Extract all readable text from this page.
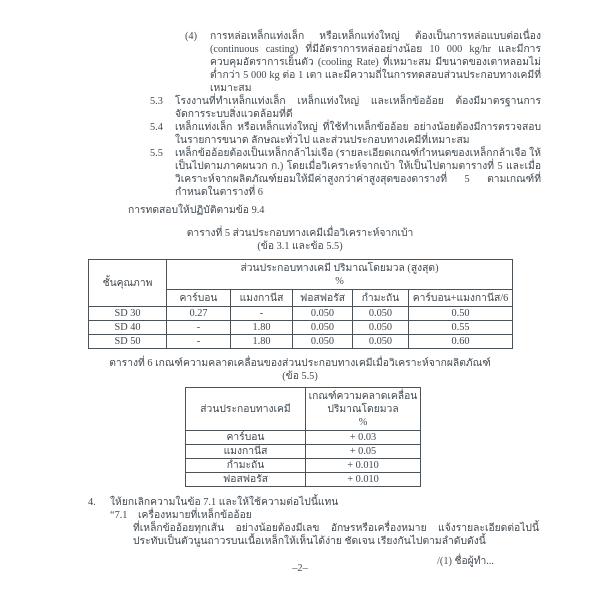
(4)	การหล่อเหล็กแท่งเล็ก หรือเหล็กแท่งใหญ่ ต้องเป็นการหล่อแบบต่อเนื่อง (continuous casting) ที่มีอัตราการหล่ออย่างน้อย 10 000 kg/hr และมีการควบคุมอัตราการเย็นตัว (cooling Rate) ที่เหมาะสม มีขนาดของเตาหลอมไม่ต่ำกว่า 5 000 kg ต่อ 1 เตา และมีความถี่ในการทดสอบส่วนประกอบทางเคมีที่เหมาะสม
5.3	โรงงานที่ทำเหล็กแท่งเล็ก เหล็กแท่งใหญ่ และเหล็กข้ออ้อย ต้องมีมาตรฐานการจัดการระบบสิ่งแวดล้อมที่ดี
5.4	เหล็กแท่งเล็ก หรือเหล็กแท่งใหญ่ ที่ใช้ทำเหล็กข้ออ้อย อย่างน้อยต้องมีการตรวจสอบในรายการขนาด ลักษณะทั่วไป และส่วนประกอบทางเคมีที่เหมาะสม
5.5	เหล็กข้ออ้อยต้องเป็นเหล็กกล้าไม่เจือ (รายละเอียดเกณฑ์กำหนดของเหล็กกล้าเจือ ให้เป็นไปตามภาคผนวก ก.) โดยเมื่อวิเคราะห์จากเบ้า ให้เป็นไปตามตารางที่ 5 และเมื่อวิเคราะห์จากผลิตภัณฑ์ยอมให้มีค่าสูงกว่าค่าสูงสุดของตารางที่ 5 ตามเกณฑ์ที่กำหนดในตารางที่ 6
การทดสอบให้ปฏิบัติตามข้อ 9.4
ตารางที่ 5 ส่วนประกอบทางเคมีเมื่อวิเคราะห์จากเบ้า
(ข้อ 3.1 และข้อ 5.5)
ชั้นคุณภาพ	ส่วนประกอบทางเคมี ปริมาณโดยมวล (สูงสุด)
%				

	คาร์บอน	แมงกานีส	ฟอสฟอรัส	กำมะถัน	คาร์บอน+แมงกานีส/6
SD 30	0.27	-	0.050	0.050	0.50
SD 40	-	1.80	0.050	0.050	0.55
SD 50	-	1.80	0.050	0.050	0.60
ตารางที่ 6 เกณฑ์ความคลาดเคลื่อนของส่วนประกอบทางเคมีเมื่อวิเคราะห์จากผลิตภัณฑ์
(ข้อ 5.5)
ส่วนประกอบทางเคมี	เกณฑ์ความคลาดเคลื่อน
ปริมาณโดยมวล
%

คาร์บอน	+ 0.03
แมงกานีส	+ 0.05
กำมะถัน	+ 0.010
ฟอสฟอรัส	+ 0.010
4.	ให้ยกเลิกความในข้อ 7.1 และให้ใช้ความต่อไปนี้แทน
“7.1	เครื่องหมายที่เหล็กข้ออ้อย
ที่เหล็กข้ออ้อยทุกเส้น อย่างน้อยต้องมีเลข อักษรหรือเครื่องหมาย แจ้งรายละเอียดต่อไปนี้ประทับเป็นตัวนูนถาวรบนเนื้อเหล็กให้เห็นได้ง่าย ชัดเจน เรียงกันไปตามลำดับดังนี้
/(1) ชื่อผู้ทำ...
–2–
